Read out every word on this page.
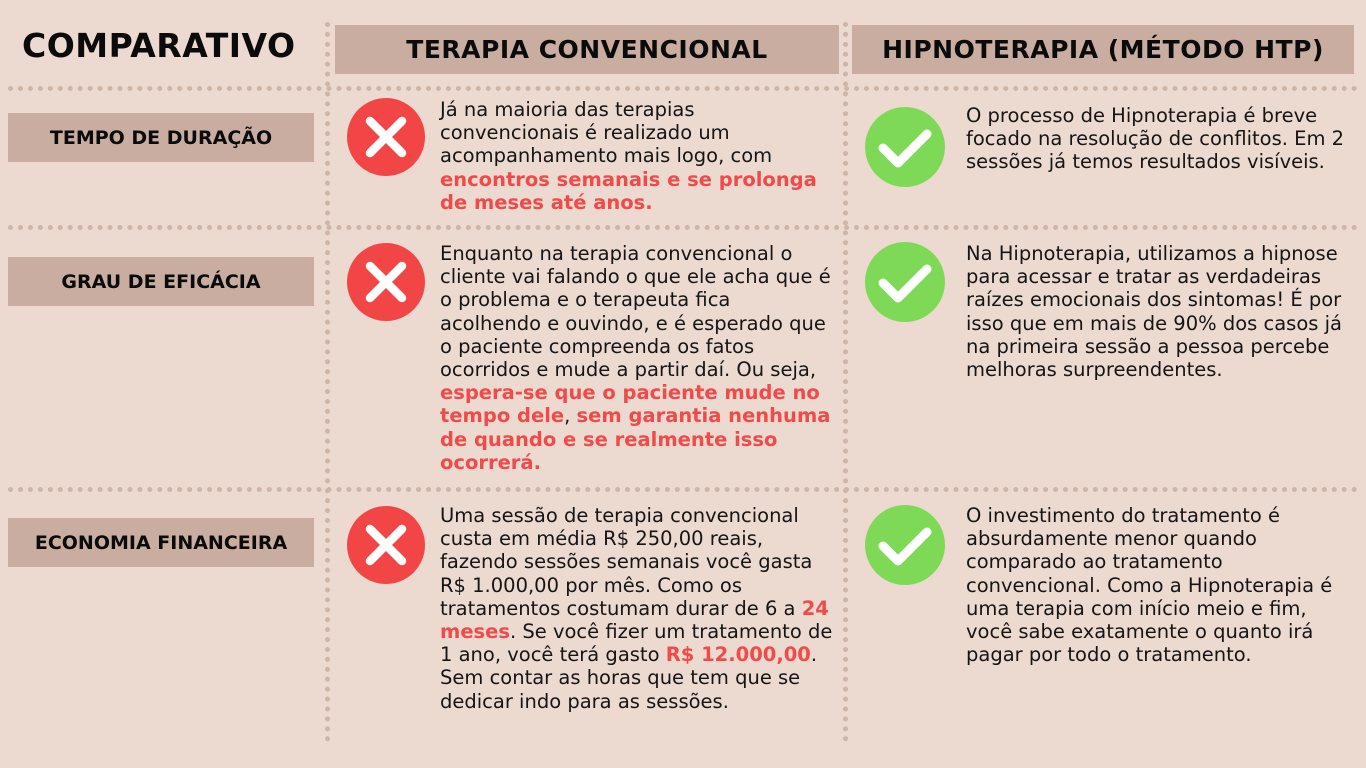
COMPARATIVO	TERAPIA CONVENCIONAL	HIPNOTERAPIA (MÉTODO HTP)
TEMPO DE DURAÇÃO
GRAU DE EFICÁCIA
ECONOMIA FINANCEIRA
Já na maioria das terapias convencionais é realizado um acompanhamento mais logo, com encontros semanais e se prolonga de meses até anos.
O processo de Hipnoterapia é breve focado na resolução de conflitos. Em 2 sessões já temos resultados visíveis.
Enquanto na terapia convencional o cliente vai falando o que ele acha que é o problema e o terapeuta fica acolhendo e ouvindo, e é esperado que o paciente compreenda os fatos ocorridos e mude a partir daí. Ou seja, espera-se que o paciente mude no tempo dele, sem garantia nenhuma de quando e se realmente isso ocorrerá.
Na Hipnoterapia, utilizamos a hipnose para acessar e tratar as verdadeiras raízes emocionais dos sintomas! É por isso que em mais de 90% dos casos já na primeira sessão a pessoa percebe melhoras surpreendentes.
Uma sessão de terapia convencional custa em média R$ 250,00 reais, fazendo sessões semanais você gasta R$ 1.000,00 por mês. Como os tratamentos costumam durar de 6 a 24 meses. Se você fizer um tratamento de 1 ano, você terá gasto R$ 12.000,00. Sem contar as horas que tem que se dedicar indo para as sessões.
O investimento do tratamento é absurdamente menor quando comparado ao tratamento convencional. Como a Hipnoterapia é uma terapia com início meio e fim, você sabe exatamente o quanto irá pagar por todo o tratamento.
